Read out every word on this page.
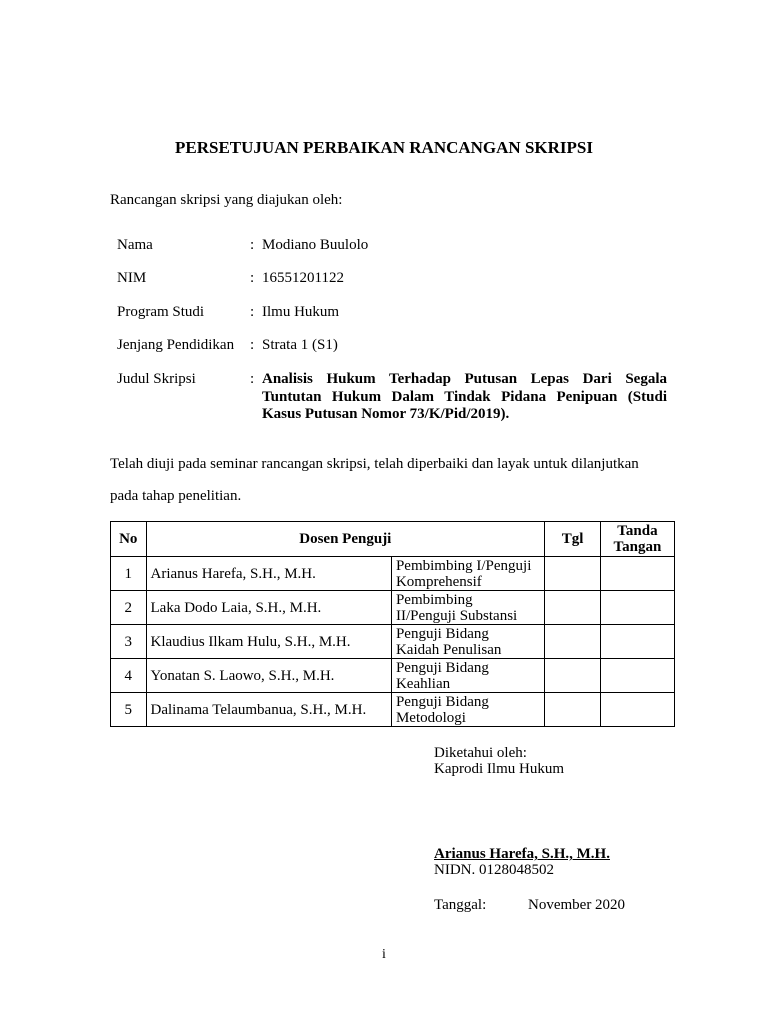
PERSETUJUAN PERBAIKAN RANCANGAN SKRIPSI
Rancangan skripsi yang diajukan oleh:
Nama	: Modiano Buulolo
NIM	: 16551201122
Program Studi	: Ilmu Hukum
Jenjang Pendidikan : Strata 1 (S1)
Judul Skripsi	: Analisis Hukum Terhadap Putusan Lepas Dari Segala Tuntutan Hukum Dalam Tindak Pidana Penipuan (Studi Kasus Putusan Nomor 73/K/Pid/2019).
Telah diuji pada seminar rancangan skripsi, telah diperbaiki dan layak untuk dilanjutkan
pada tahap penelitian.
No	Dosen Penguji		Tgl	Tanda
Tangan

1	Arianus Harefa, S.H., M.H.	Pembimbing I/Penguji
Komprehensif		

2	Laka Dodo Laia, S.H., M.H.	Pembimbing
II/Penguji Substansi		

3	Klaudius Ilkam Hulu, S.H., M.H.	Penguji Bidang
Kaidah Penulisan		

4	Yonatan S. Laowo, S.H., M.H.	Penguji Bidang
Keahlian		

5	Dalinama Telaumbanua, S.H., M.H.	Penguji Bidang
Metodologi		

Diketahui oleh:
Kaprodi Ilmu Hukum
Arianus Harefa, S.H., M.H.
NIDN. 0128048502
Tanggal:	November 2020
i
